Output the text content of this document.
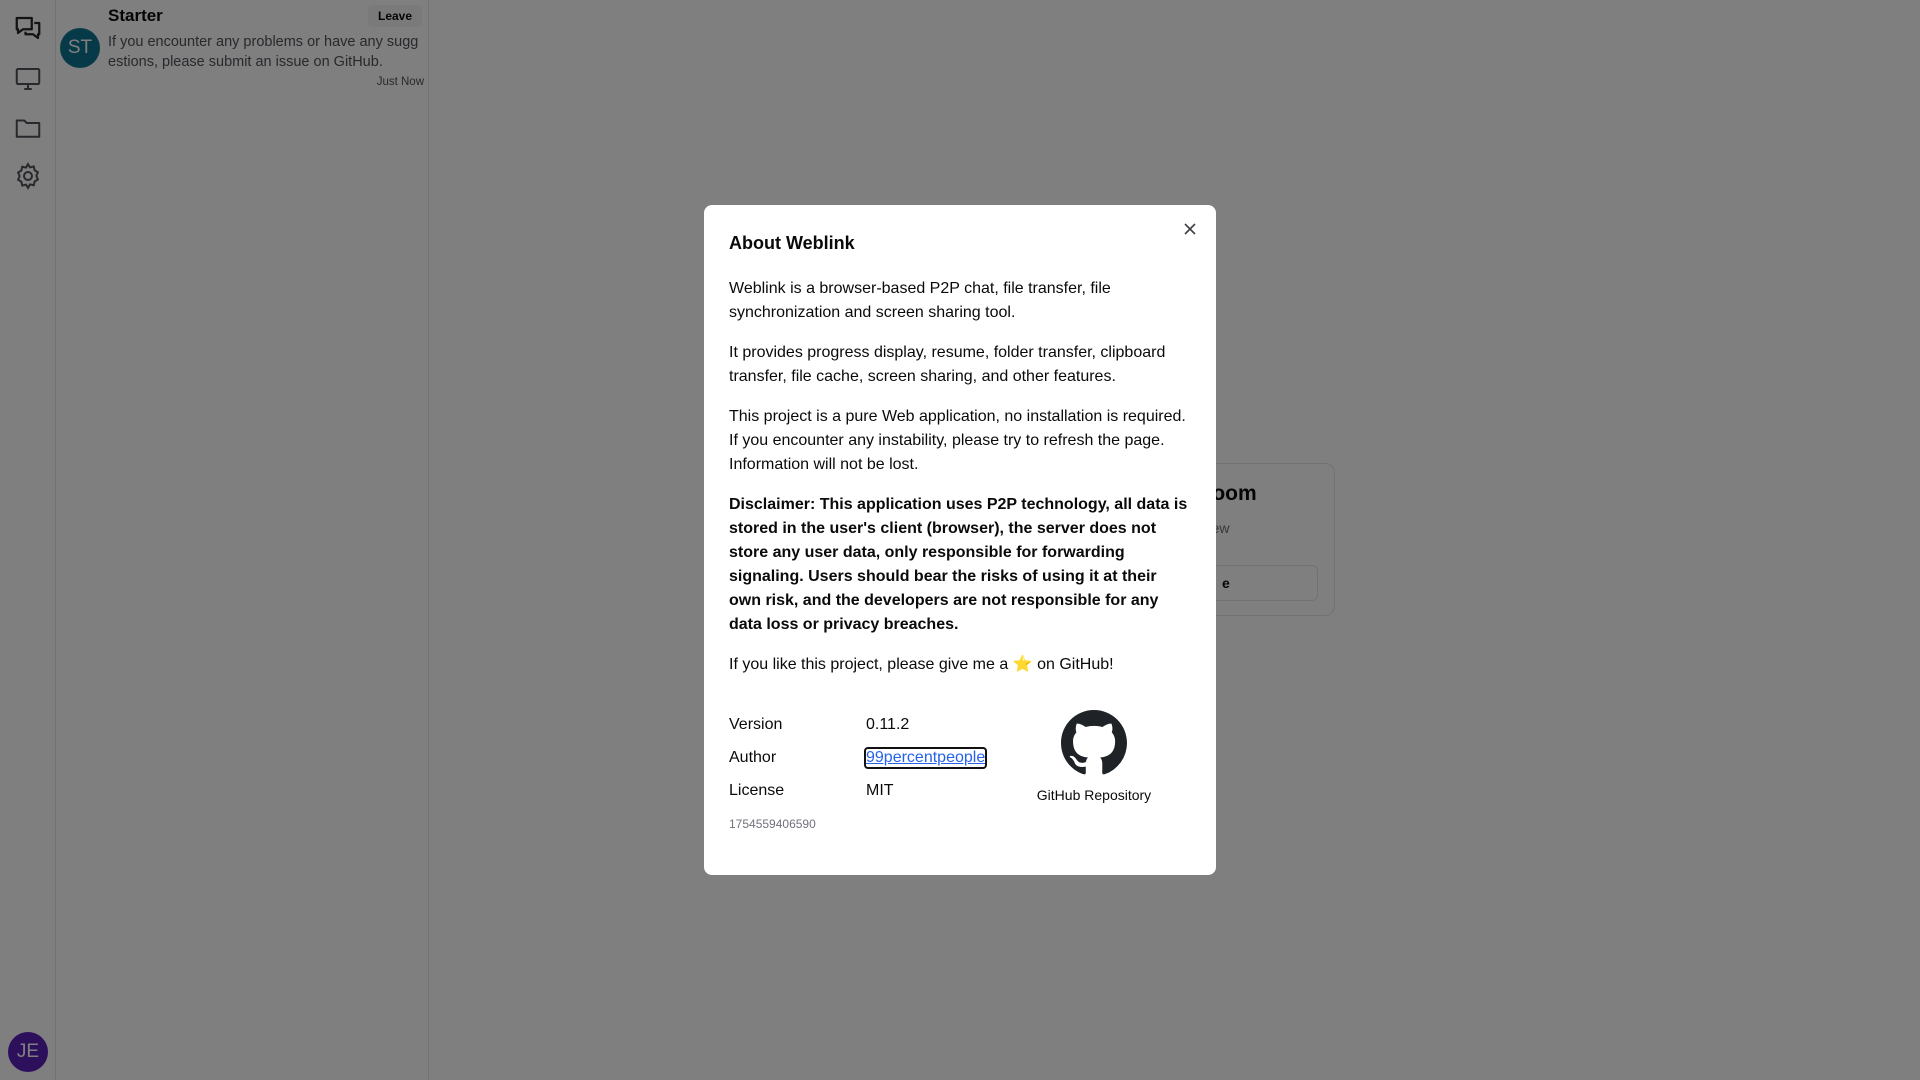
About Weblink

Weblink is a browser-based P2P chat, file transfer, file synchronization and screen sharing tool.

It provides progress display, resume, folder transfer, clipboard transfer, file cache, screen sharing, and other features.

This project is a pure Web application, no installation is required. If you encounter any instability, please try to refresh the page. Information will not be lost.

Disclaimer: This application uses P2P technology, all data is stored in the user's client (browser), the server does not store any user data, only responsible for forwarding signaling. Users should bear the risks of using it at their own risk, and the developers are not responsible for any data loss or privacy breaches.

If you like this project, please give me a ⭐ on GitHub!

Version	0.11.2
Author	99percentpeople
License	MIT	GitHub Repository
1754559406590
